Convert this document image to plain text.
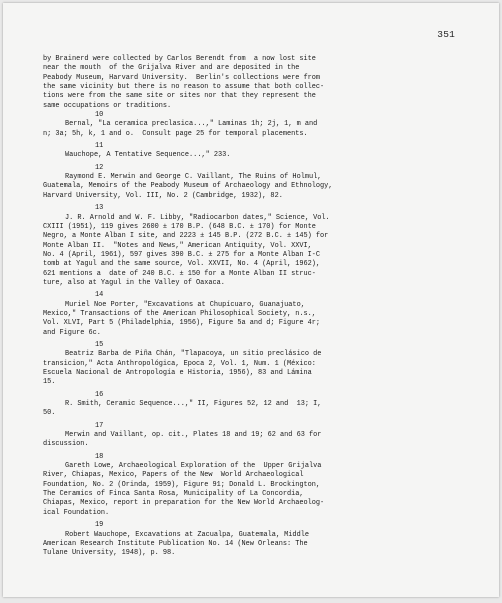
351
by Brainerd were collected by Carlos Berendt from  a now lost site
near the mouth  of the Grijalva River and are deposited in the
Peabody Museum, Harvard University.  Berlin's collections were from
the same vicinity but there is no reason to assume that both collec-
tions were from the same site or sites nor that they represent the
same occupations or traditions.
10
Bernal, "La ceramica preclasica...," Laminas 1h; 2j, 1, m and
n; 3a; 5h, k, 1 and o.  Consult page 25 for temporal placements.
11
Wauchope, A Tentative Sequence...," 233.
12
Raymond E. Merwin and George C. Vaillant, The Ruins of Holmul,
Guatemala, Memoirs of the Peabody Museum of Archaeology and Ethnology,
Harvard University, Vol. III, No. 2 (Cambridge, 1932), 82.
13
J. R. Arnold and W. F. Libby, "Radiocarbon dates," Science, Vol.
CXIII (1951), 119 gives 2600 ± 170 B.P. (648 B.C. ± 170) for Monte
Negro, a Monte Alban I site, and 2223 ± 145 B.P. (272 B.C. ± 145) for
Monte Alban II.  "Notes and News," American Antiquity, Vol. XXVI,
No. 4 (April, 1961), 597 gives 390 B.C. ± 275 for a Monte Alban I-C
tomb at Yagul and the same source, Vol. XXVII, No. 4 (April, 1962),
621 mentions a  date of 240 B.C. ± 150 for a Monte Alban II struc-
ture, also at Yagul in the Valley of Oaxaca.
14
Muriel Noe Porter, "Excavations at Chupícuaro, Guanajuato,
Mexico," Transactions of the American Philosophical Society, n.s.,
Vol. XLVI, Part 5 (Philadelphia, 1956), Figure 5a and d; Figure 4r;
and Figure 6c.
15
Beatriz Barba de Piña Chán, "Tlapacoya, un sitio preclásico de
transicion," Acta Anthropológica, Epoca 2, Vol. 1, Num. 1 (México:
Escuela Nacional de Antropología e Historia, 1956), 83 and Lámina
15.
16
R. Smith, Ceramic Sequence...," II, Figures 52, 12 and  13; I,
50.
17
Merwin and Vaillant, op. cit., Plates 18 and 19; 62 and 63 for
discussion.
18
Gareth Lowe, Archaeological Exploration of the  Upper Grijalva
River, Chiapas, Mexico, Papers of the New  World Archaeological
Foundation, No. 2 (Orinda, 1959), Figure 91; Donald L. Brockington,
The Ceramics of Finca Santa Rosa, Municipality of La Concordia,
Chiapas, Mexico, report in preparation for the New World Archaeolog-
ical Foundation.
19
Robert Wauchope, Excavations at Zacualpa, Guatemala, Middle
American Research Institute Publication No. 14 (New Orleans: The
Tulane University, 1948), p. 98.
